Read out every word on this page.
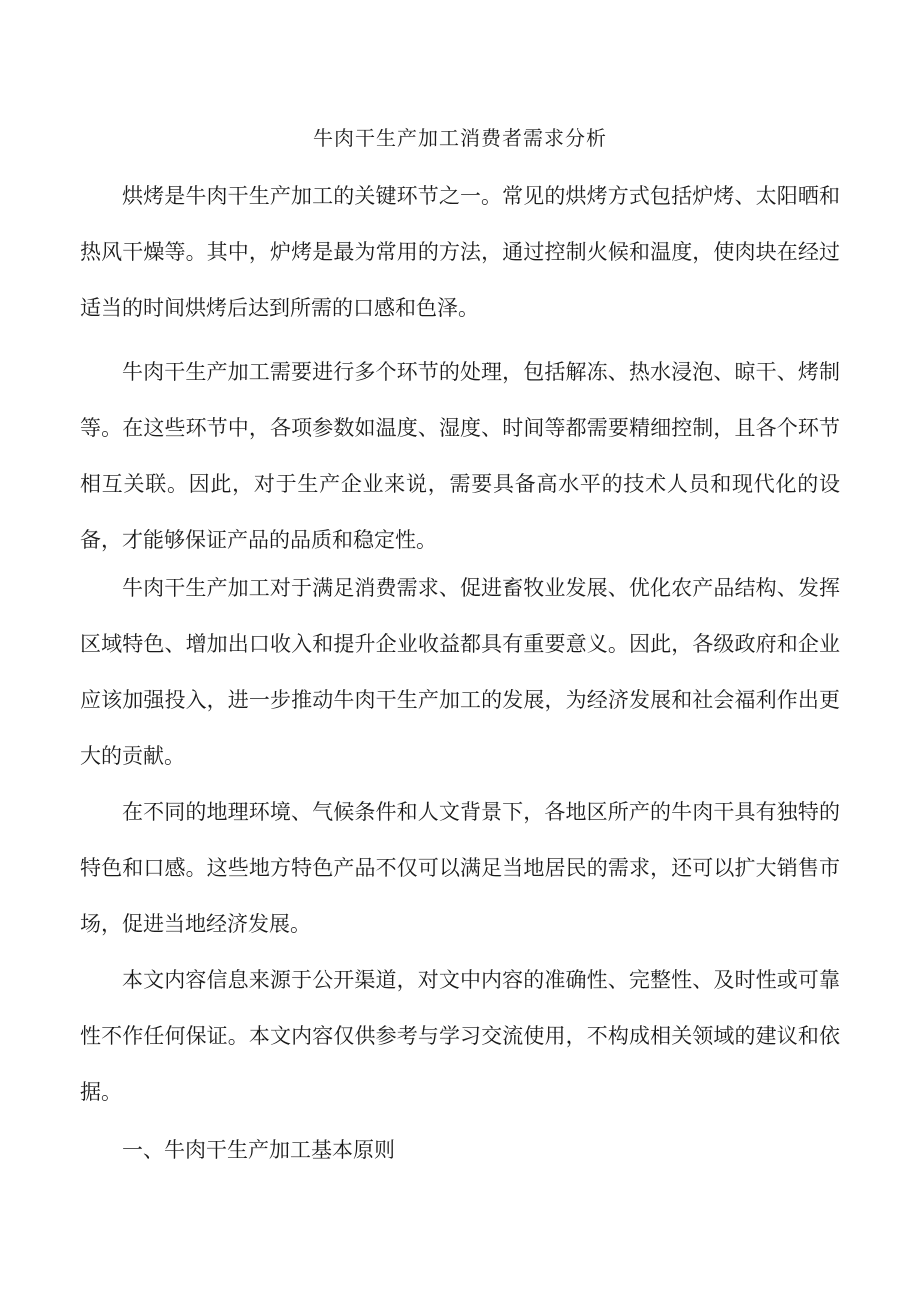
牛肉干生产加工消费者需求分析

烘烤是牛肉干生产加工的关键环节之一。常见的烘烤方式包括炉烤、太阳晒和热风干燥等。其中，炉烤是最为常用的方法，通过控制火候和温度，使肉块在经过适当的时间烘烤后达到所需的口感和色泽。

牛肉干生产加工需要进行多个环节的处理，包括解冻、热水浸泡、晾干、烤制等。在这些环节中，各项参数如温度、湿度、时间等都需要精细控制，且各个环节相互关联。因此，对于生产企业来说，需要具备高水平的技术人员和现代化的设备，才能够保证产品的品质和稳定性。

牛肉干生产加工对于满足消费需求、促进畜牧业发展、优化农产品结构、发挥区域特色、增加出口收入和提升企业收益都具有重要意义。因此，各级政府和企业应该加强投入，进一步推动牛肉干生产加工的发展，为经济发展和社会福利作出更大的贡献。

在不同的地理环境、气候条件和人文背景下，各地区所产的牛肉干具有独特的特色和口感。这些地方特色产品不仅可以满足当地居民的需求，还可以扩大销售市场，促进当地经济发展。

本文内容信息来源于公开渠道，对文中内容的准确性、完整性、及时性或可靠性不作任何保证。本文内容仅供参考与学习交流使用，不构成相关领域的建议和依据。

一、牛肉干生产加工基本原则
